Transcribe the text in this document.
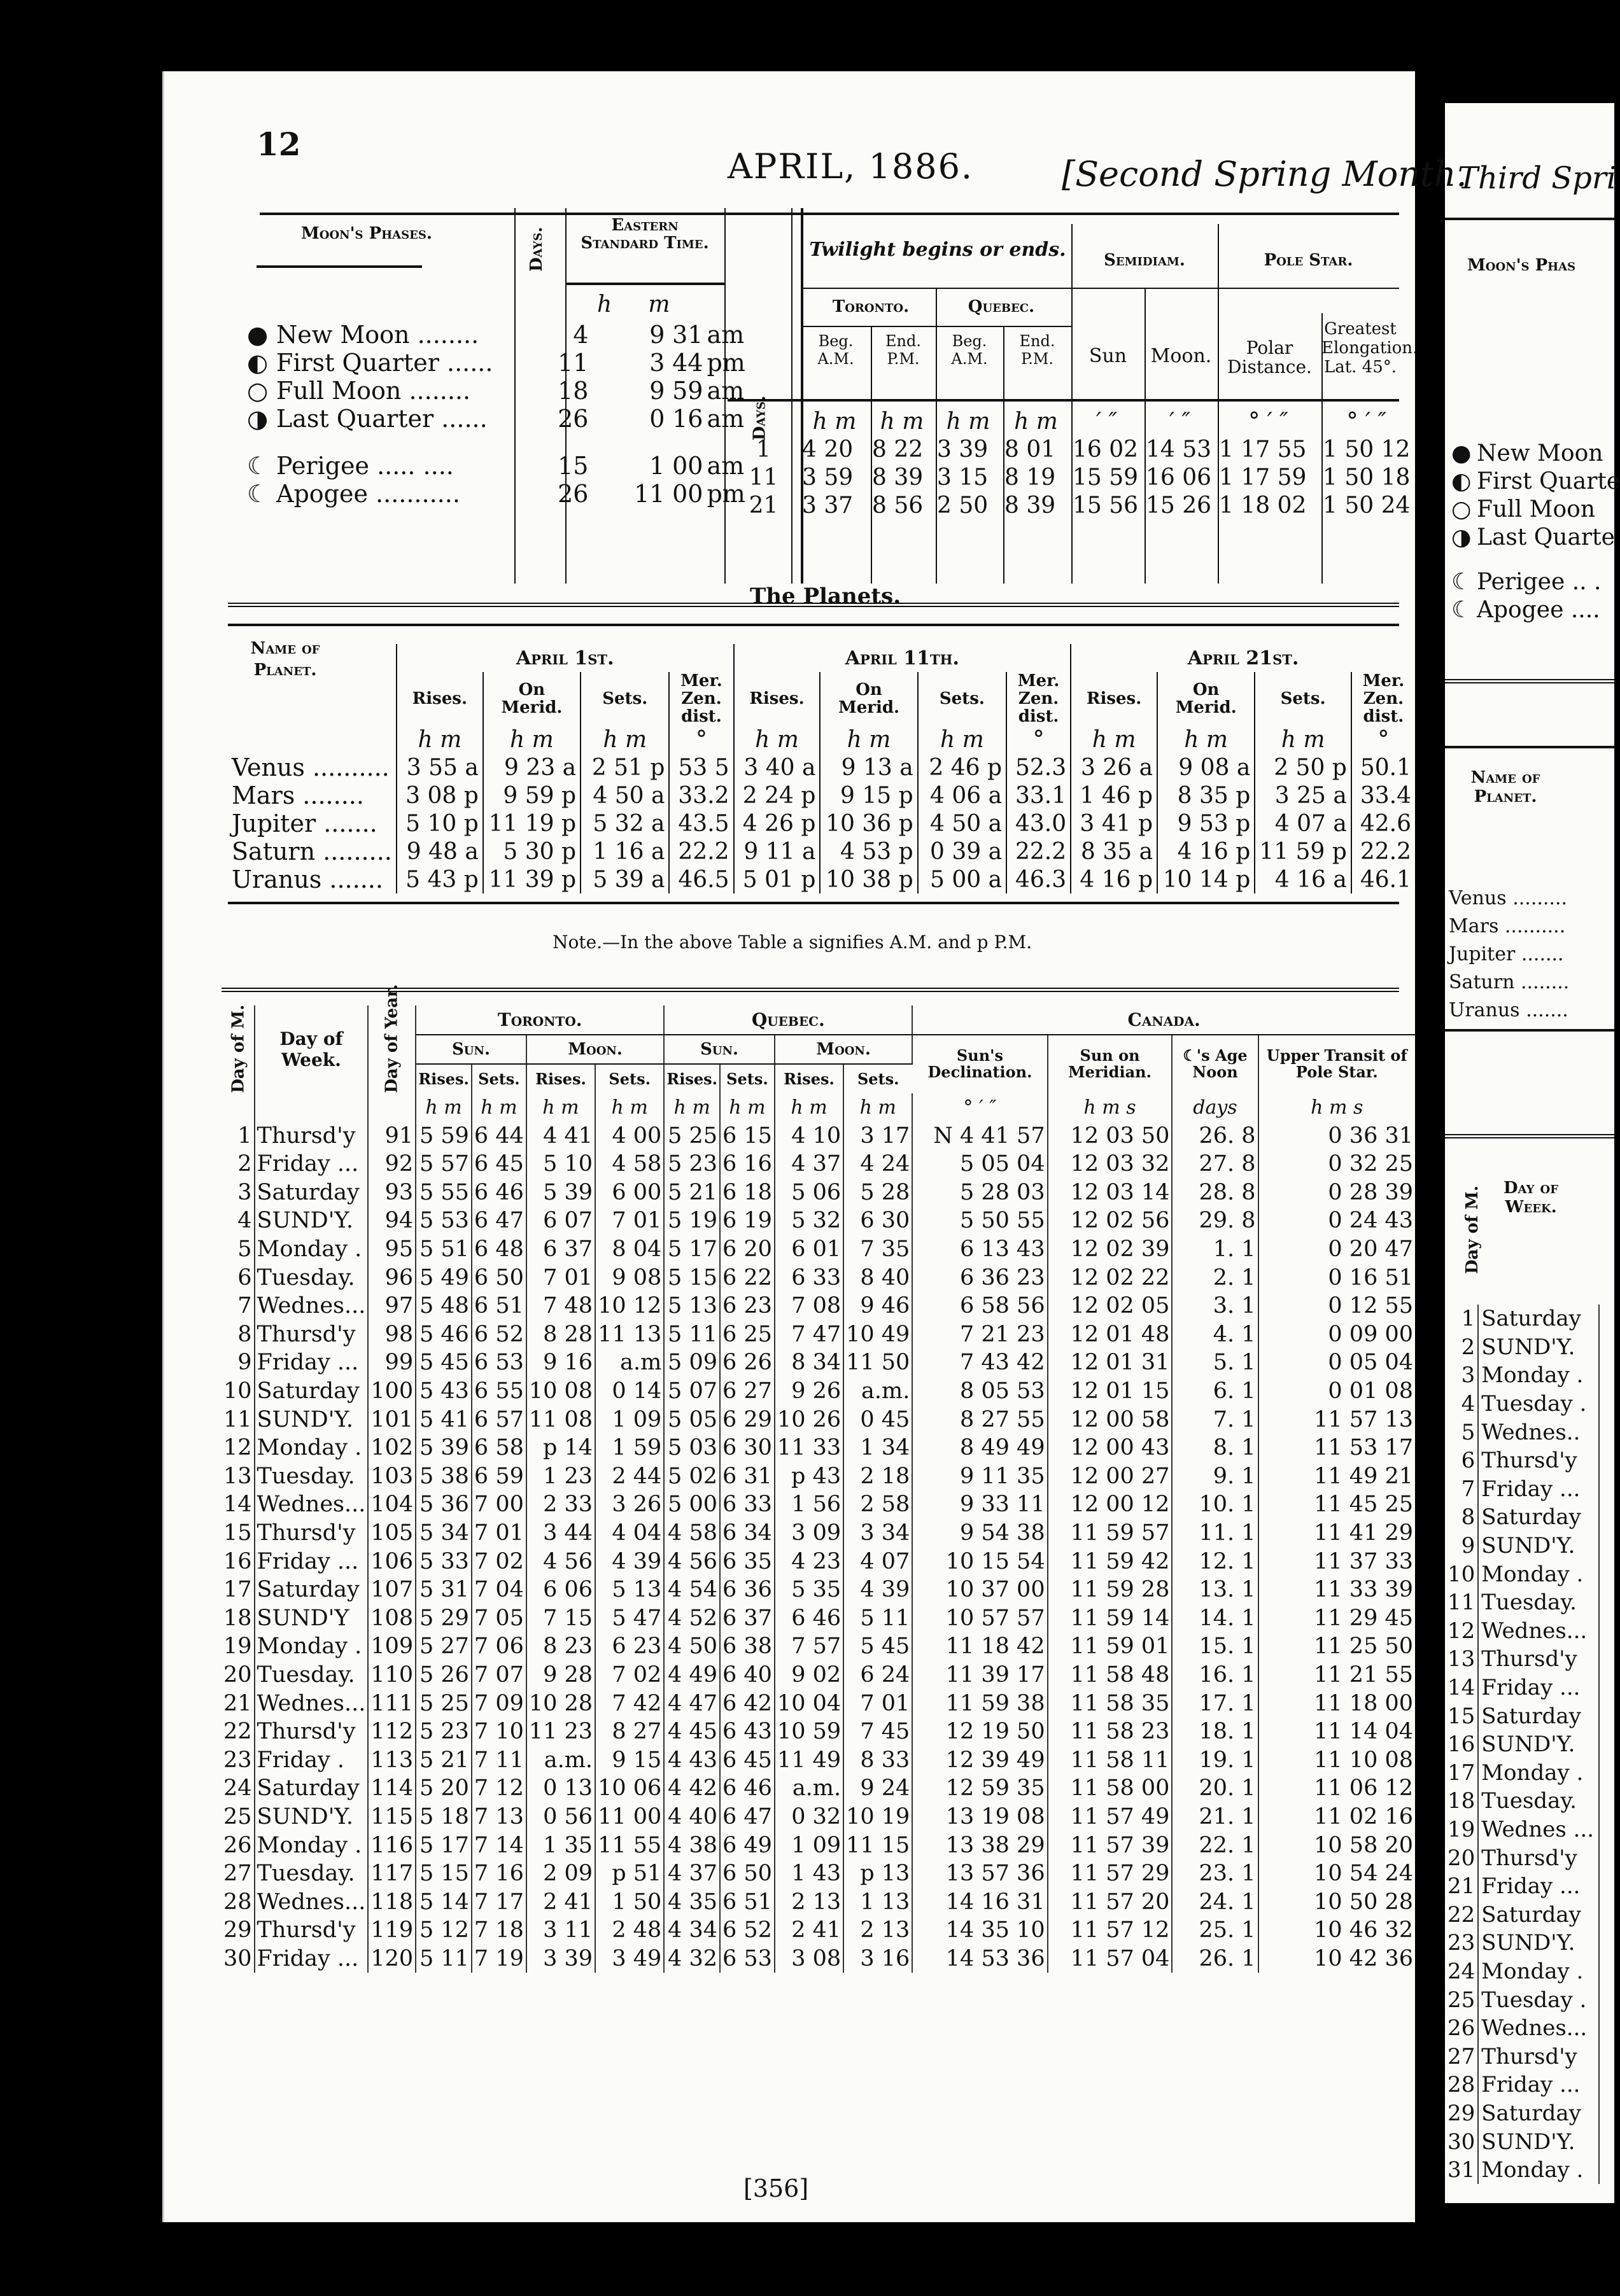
Third Spri
Moon's Phas
● New Moon
◐ First Quarte
○ Full Moon
◑ Last Quarte
☾ Perigee .. .
☾ Apogee ....
Name of Planet.
Venus .........
Mars ..........
Jupiter .......
Saturn ........
Uranus .......
Day of M.	Day of Week.
1	Saturday
2	SUND'Y.
3	Monday .
4	Tuesday .
5	Wednes..
6	Thursd'y
7	Friday ...
8	Saturday
9	SUND'Y.
10	Monday .
11	Tuesday.
12	Wednes...
13	Thursd'y
14	Friday ...
15	Saturday
16	SUND'Y.
17	Monday .
18	Tuesday.
19	Wednes ...
20	Thursd'y
21	Friday ...
22	Saturday
23	SUND'Y.
24	Monday .
25	Tuesday .
26	Wednes...
27	Thursd'y
28	Friday ...
29	Saturday
30	SUND'Y.
31	Monday .
12
APRIL, 1886.	[Second Spring Month.
Moon's Phases.	Days.
Eastern Standard Time.
h m
●	New Moon ........	4	9	31	am
◐	First Quarter ......	11	3	44	pm
○	Full Moon ........	18	9	59	am
◑	Last Quarter ......	26	0	16	am
☾	Perigee ..... ....	15	1	00	am
☾	Apogee ...........	26	11	00	pm
Days.
Twilight begins or ends.	Semidiam.	Pole Star.
Toronto.	Quebec.
Beg. A.M.
End. P.M.
Beg. A.M.
End. P.M.	Sun	Moon.	Polar Distance.
Greatest Elongation. Lat. 45°.
	h m	h m	h m	h m	′ ″	′ ″	° ′ ″	° ′ ″
1	4 20	8 22	3 39	8 01	16 02	14 53	1 17 55	1 50 12
11	3 59	8 39	3 15	8 19	15 59	16 06	1 17 59	1 50 18
21	3 37	8 56	2 50	8 39	15 56	15 26	1 18 02	1 50 24
The Planets.
Name of Planet.
	April 1st.				April 11th.				April 21st.			
	Rises.	On Merid.	Sets.	Mer. Zen. dist.	Rises.	On Merid.	Sets.	Mer. Zen. dist.	Rises.	On Merid.	Sets.	Mer. Zen. dist.
	h m	h m	h m	°	h m	h m	h m	°	h m	h m	h m	°
Venus ..........	3 55 a	9 23 a	2 51 p	53 5	3 40 a	9 13 a	2 46 p	52.3	3 26 a	9 08 a	2 50 p	50.1
Mars ........	3 08 p	9 59 p	4 50 a	33.2	2 24 p	9 15 p	4 06 a	33.1	1 46 p	8 35 p	3 25 a	33.4
Jupiter .......	5 10 p	11 19 p	5 32 a	43.5	4 26 p	10 36 p	4 50 a	43.0	3 41 p	9 53 p	4 07 a	42.6
Saturn .........	9 48 a	5 30 p	1 16 a	22.2	9 11 a	4 53 p	0 39 a	22.2	8 35 a	4 16 p	11 59 p	22.2
Uranus .......	5 43 p	11 39 p	5 39 a	46.5	5 01 p	10 38 p	5 00 a	46.3	4 16 p	10 14 p	4 16 a	46.1
Note.—In the above Table a signifies A.M. and p P.M.
Day of M.	Day of Week.	Day of Year.	Toronto.				Quebec.				Canada.			
			Sun.		Moon.		Sun.		Moon.		Sun's Declination.	Sun on Meridian.	☾'s Age Noon	Upper Transit of Pole Star.
			Rises.	Sets.	Rises.	Sets.	Rises.	Sets.	Rises.	Sets.				
			h m	h m	h m	h m	h m	h m	h m	h m	° ′ ″	h m s	days	h m s
1	Thursd'y	91	5 59	6 44	4 41	4 00	5 25	6 15	4 10	3 17	N 4 41 57	12 03 50	26. 8	0 36 31
2	Friday ...	92	5 57	6 45	5 10	4 58	5 23	6 16	4 37	4 24	5 05 04	12 03 32	27. 8	0 32 25
3	Saturday	93	5 55	6 46	5 39	6 00	5 21	6 18	5 06	5 28	5 28 03	12 03 14	28. 8	0 28 39
4	SUND'Y.	94	5 53	6 47	6 07	7 01	5 19	6 19	5 32	6 30	5 50 55	12 02 56	29. 8	0 24 43
5	Monday .	95	5 51	6 48	6 37	8 04	5 17	6 20	6 01	7 35	6 13 43	12 02 39	1. 1	0 20 47
6	Tuesday.	96	5 49	6 50	7 01	9 08	5 15	6 22	6 33	8 40	6 36 23	12 02 22	2. 1	0 16 51
7	Wednes...	97	5 48	6 51	7 48	10 12	5 13	6 23	7 08	9 46	6 58 56	12 02 05	3. 1	0 12 55
8	Thursd'y	98	5 46	6 52	8 28	11 13	5 11	6 25	7 47	10 49	7 21 23	12 01 48	4. 1	0 09 00
9	Friday ...	99	5 45	6 53	9 16	a.m	5 09	6 26	8 34	11 50	7 43 42	12 01 31	5. 1	0 05 04
10	Saturday	100	5 43	6 55	10 08	0 14	5 07	6 27	9 26	a.m.	8 05 53	12 01 15	6. 1	0 01 08
11	SUND'Y.	101	5 41	6 57	11 08	1 09	5 05	6 29	10 26	0 45	8 27 55	12 00 58	7. 1	11 57 13
12	Monday .	102	5 39	6 58	p 14	1 59	5 03	6 30	11 33	1 34	8 49 49	12 00 43	8. 1	11 53 17
13	Tuesday.	103	5 38	6 59	1 23	2 44	5 02	6 31	p 43	2 18	9 11 35	12 00 27	9. 1	11 49 21
14	Wednes...	104	5 36	7 00	2 33	3 26	5 00	6 33	1 56	2 58	9 33 11	12 00 12	10. 1	11 45 25
15	Thursd'y	105	5 34	7 01	3 44	4 04	4 58	6 34	3 09	3 34	9 54 38	11 59 57	11. 1	11 41 29
16	Friday ...	106	5 33	7 02	4 56	4 39	4 56	6 35	4 23	4 07	10 15 54	11 59 42	12. 1	11 37 33
17	Saturday	107	5 31	7 04	6 06	5 13	4 54	6 36	5 35	4 39	10 37 00	11 59 28	13. 1	11 33 39
18	SUND'Y	108	5 29	7 05	7 15	5 47	4 52	6 37	6 46	5 11	10 57 57	11 59 14	14. 1	11 29 45
19	Monday .	109	5 27	7 06	8 23	6 23	4 50	6 38	7 57	5 45	11 18 42	11 59 01	15. 1	11 25 50
20	Tuesday.	110	5 26	7 07	9 28	7 02	4 49	6 40	9 02	6 24	11 39 17	11 58 48	16. 1	11 21 55
21	Wednes...	111	5 25	7 09	10 28	7 42	4 47	6 42	10 04	7 01	11 59 38	11 58 35	17. 1	11 18 00
22	Thursd'y	112	5 23	7 10	11 23	8 27	4 45	6 43	10 59	7 45	12 19 50	11 58 23	18. 1	11 14 04
23	Friday .	113	5 21	7 11	a.m.	9 15	4 43	6 45	11 49	8 33	12 39 49	11 58 11	19. 1	11 10 08
24	Saturday	114	5 20	7 12	0 13	10 06	4 42	6 46	a.m.	9 24	12 59 35	11 58 00	20. 1	11 06 12
25	SUND'Y.	115	5 18	7 13	0 56	11 00	4 40	6 47	0 32	10 19	13 19 08	11 57 49	21. 1	11 02 16
26	Monday .	116	5 17	7 14	1 35	11 55	4 38	6 49	1 09	11 15	13 38 29	11 57 39	22. 1	10 58 20
27	Tuesday.	117	5 15	7 16	2 09	p 51	4 37	6 50	1 43	p 13	13 57 36	11 57 29	23. 1	10 54 24
28	Wednes...	118	5 14	7 17	2 41	1 50	4 35	6 51	2 13	1 13	14 16 31	11 57 20	24. 1	10 50 28
29	Thursd'y	119	5 12	7 18	3 11	2 48	4 34	6 52	2 41	2 13	14 35 10	11 57 12	25. 1	10 46 32
30	Friday ...	120	5 11	7 19	3 39	3 49	4 32	6 53	3 08	3 16	14 53 36	11 57 04	26. 1	10 42 36
[356]
